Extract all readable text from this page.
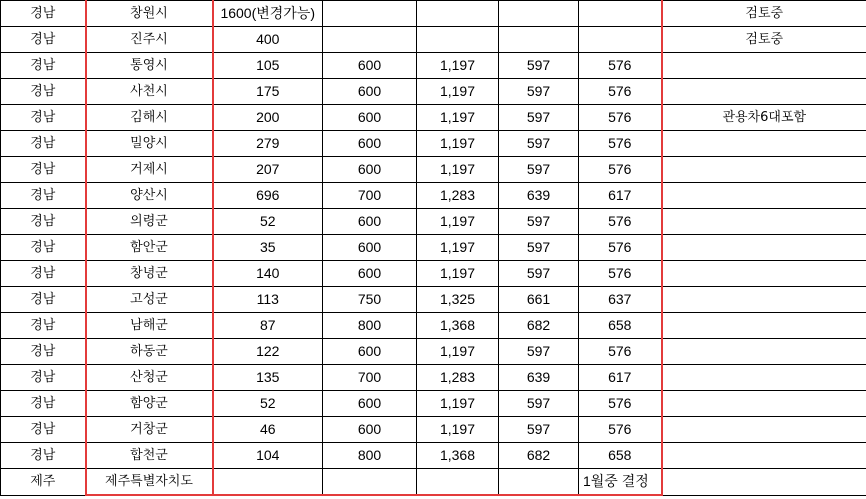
경남	창원시	1600(변경가능)					검토중
경남	진주시	400					검토중
경남	통영시	105	600	1,197	597	576	
경남	사천시	175	600	1,197	597	576	
경남	김해시	200	600	1,197	597	576	관용차6대포함
경남	밀양시	279	600	1,197	597	576	
경남	거제시	207	600	1,197	597	576	
경남	양산시	696	700	1,283	639	617	
경남	의령군	52	600	1,197	597	576	
경남	함안군	35	600	1,197	597	576	
경남	창녕군	140	600	1,197	597	576	
경남	고성군	113	750	1,325	661	637	
경남	남해군	87	800	1,368	682	658	
경남	하동군	122	600	1,197	597	576	
경남	산청군	135	700	1,283	639	617	
경남	함양군	52	600	1,197	597	576	
경남	거창군	46	600	1,197	597	576	
경남	합천군	104	800	1,368	682	658	
제주	제주특별자치도					1월중 결정	
